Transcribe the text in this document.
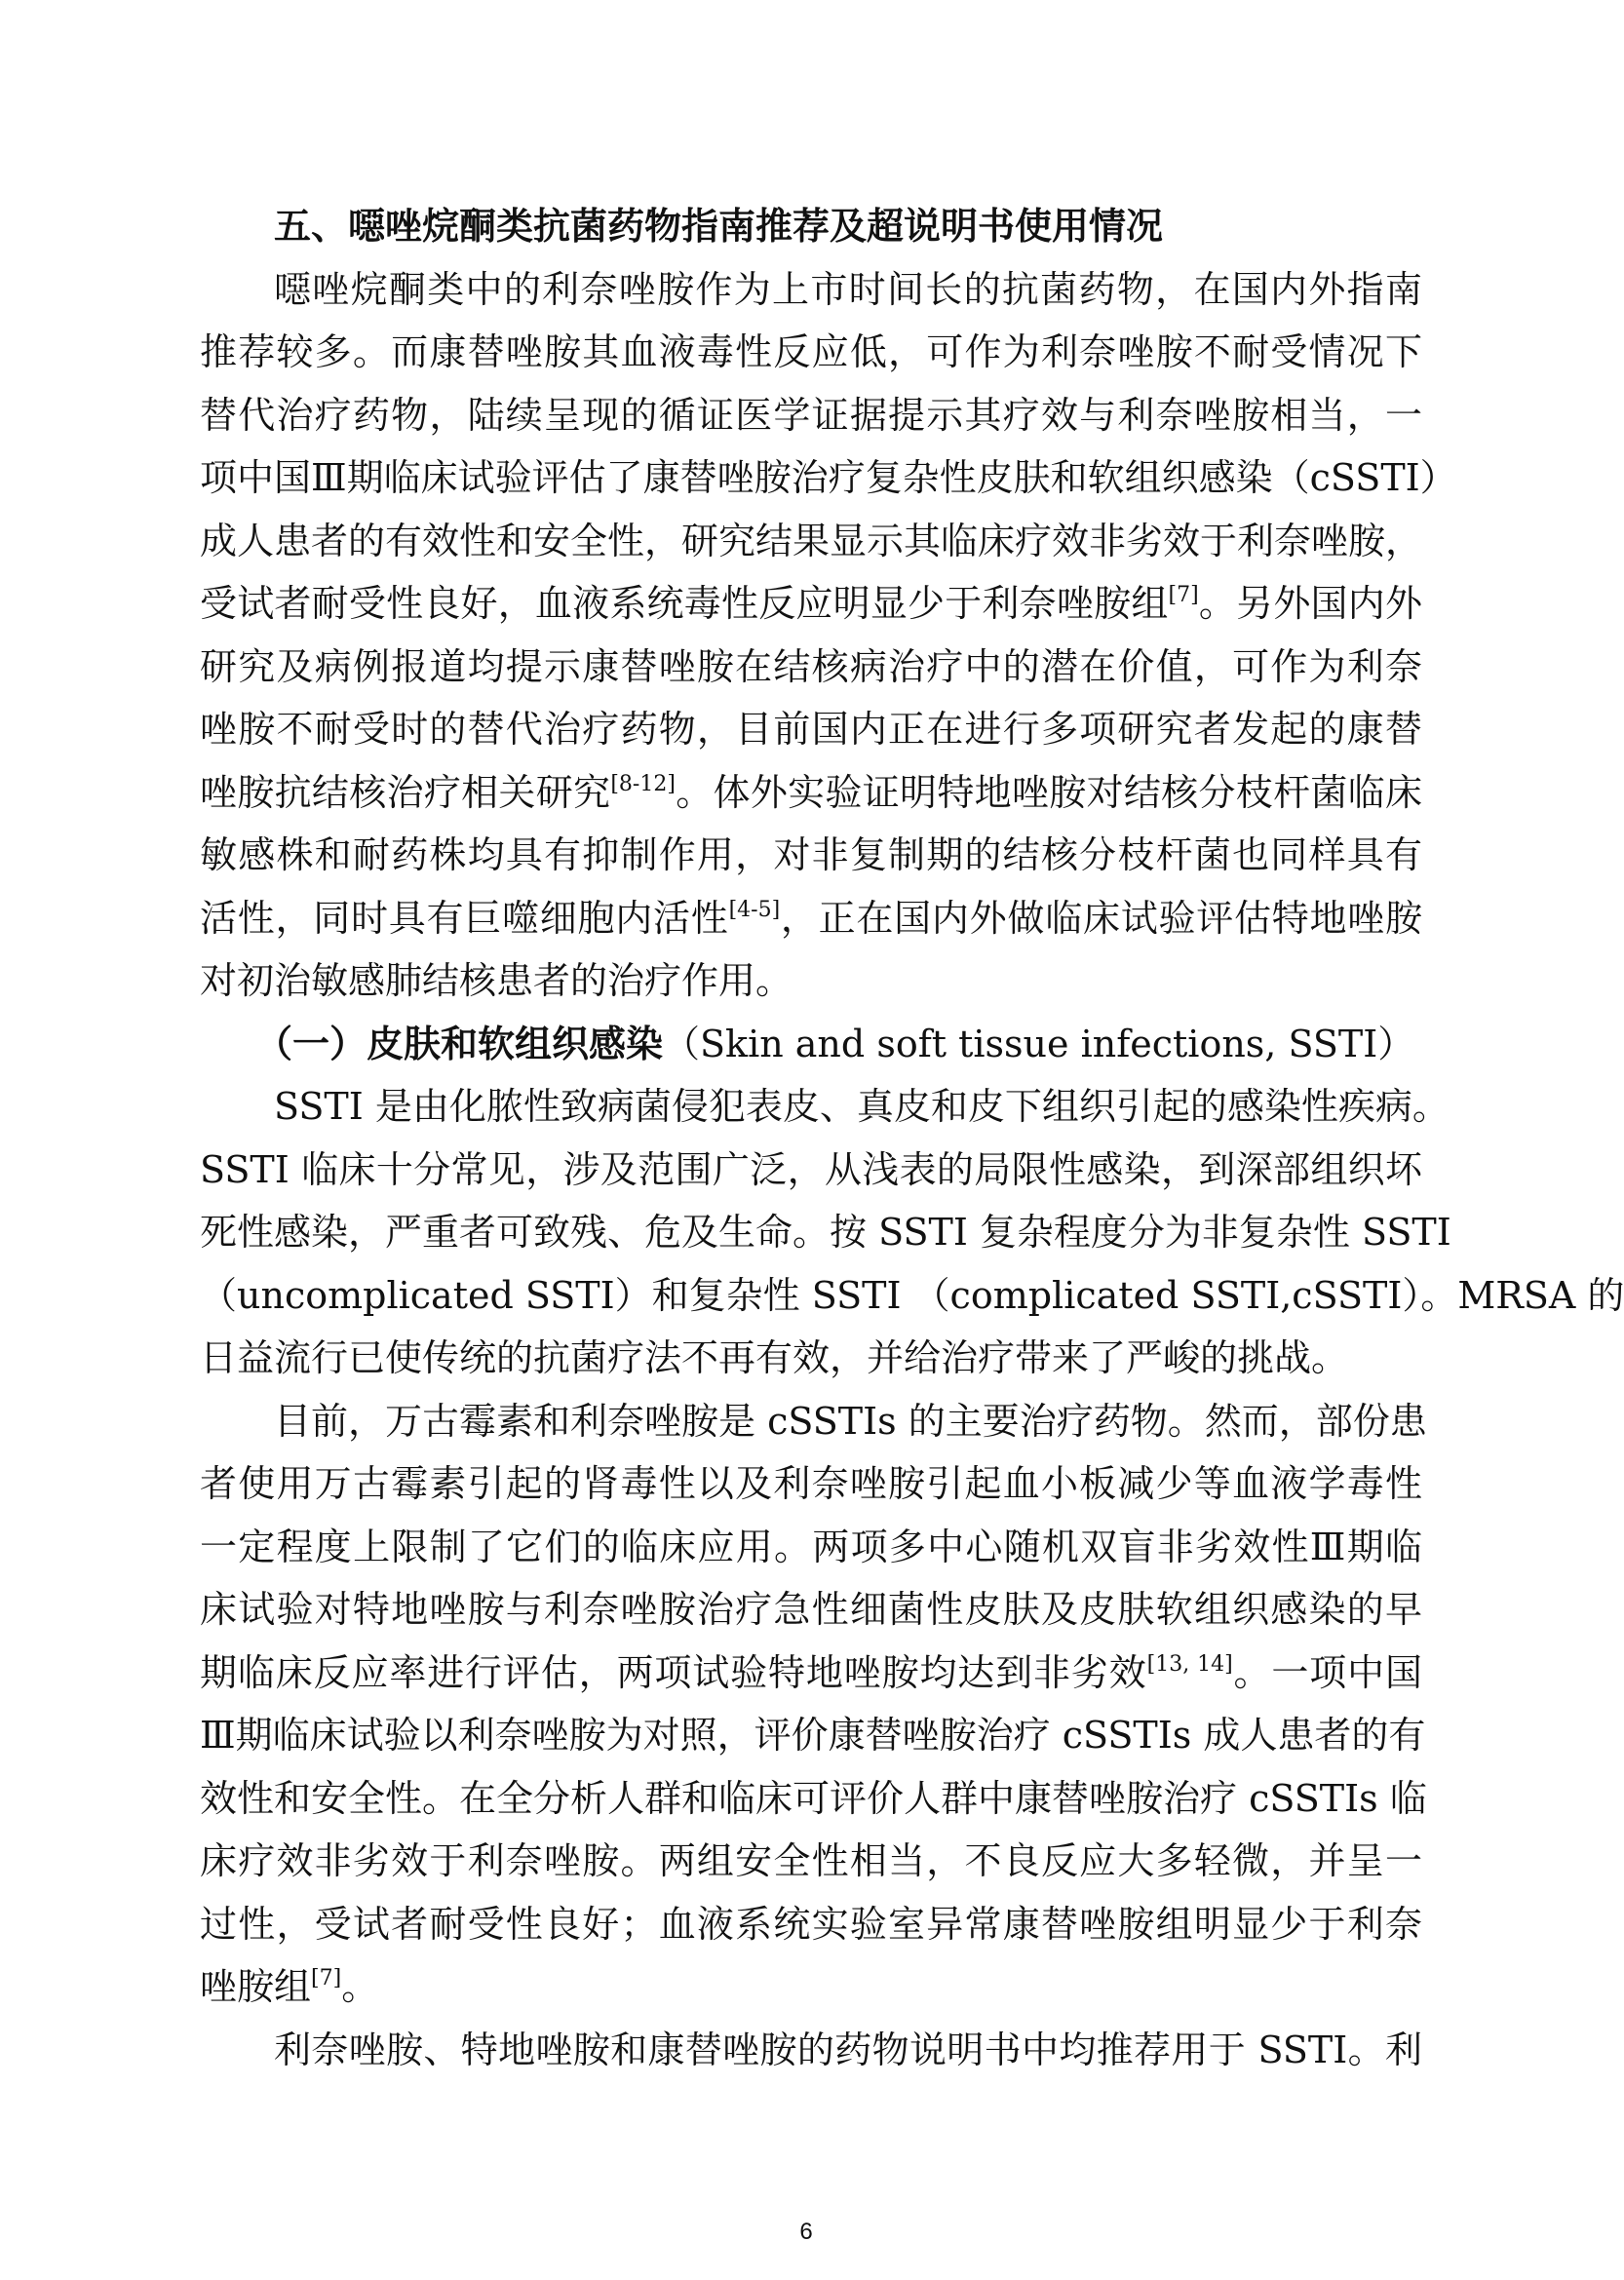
五、噁唑烷酮类抗菌药物指南推荐及超说明书使用情况
噁唑烷酮类中的利奈唑胺作为上市时间长的抗菌药物，在国内外指南
推荐较多。而康替唑胺其血液毒性反应低，可作为利奈唑胺不耐受情况下
替代治疗药物，陆续呈现的循证医学证据提示其疗效与利奈唑胺相当，一
项中国Ⅲ期临床试验评估了康替唑胺治疗复杂性皮肤和软组织感染（cSSTI）
成人患者的有效性和安全性，研究结果显示其临床疗效非劣效于利奈唑胺，
受试者耐受性良好，血液系统毒性反应明显少于利奈唑胺组[7]。另外国内外
研究及病例报道均提示康替唑胺在结核病治疗中的潜在价值，可作为利奈
唑胺不耐受时的替代治疗药物，目前国内正在进行多项研究者发起的康替
唑胺抗结核治疗相关研究[8-12]。体外实验证明特地唑胺对结核分枝杆菌临床
敏感株和耐药株均具有抑制作用，对非复制期的结核分枝杆菌也同样具有
活性，同时具有巨噬细胞内活性[4-5]，正在国内外做临床试验评估特地唑胺
对初治敏感肺结核患者的治疗作用。
（一）皮肤和软组织感染（Skin and soft tissue infections, SSTI）
SSTI 是由化脓性致病菌侵犯表皮、真皮和皮下组织引起的感染性疾病。
SSTI 临床十分常见，涉及范围广泛，从浅表的局限性感染，到深部组织坏
死性感染，严重者可致残、危及生命。按 SSTI 复杂程度分为非复杂性 SSTI
（uncomplicated SSTI）和复杂性 SSTI （complicated SSTI,cSSTI）。MRSA 的
日益流行已使传统的抗菌疗法不再有效，并给治疗带来了严峻的挑战。
目前，万古霉素和利奈唑胺是 cSSTIs 的主要治疗药物。然而，部份患
者使用万古霉素引起的肾毒性以及利奈唑胺引起血小板减少等血液学毒性
一定程度上限制了它们的临床应用。两项多中心随机双盲非劣效性Ⅲ期临
床试验对特地唑胺与利奈唑胺治疗急性细菌性皮肤及皮肤软组织感染的早
期临床反应率进行评估，两项试验特地唑胺均达到非劣效[13, 14]。一项中国
Ⅲ期临床试验以利奈唑胺为对照，评价康替唑胺治疗 cSSTIs 成人患者的有
效性和安全性。在全分析人群和临床可评价人群中康替唑胺治疗 cSSTIs 临
床疗效非劣效于利奈唑胺。两组安全性相当，不良反应大多轻微，并呈一
过性，受试者耐受性良好；血液系统实验室异常康替唑胺组明显少于利奈
唑胺组[7]。
利奈唑胺、特地唑胺和康替唑胺的药物说明书中均推荐用于 SSTI。利
6
